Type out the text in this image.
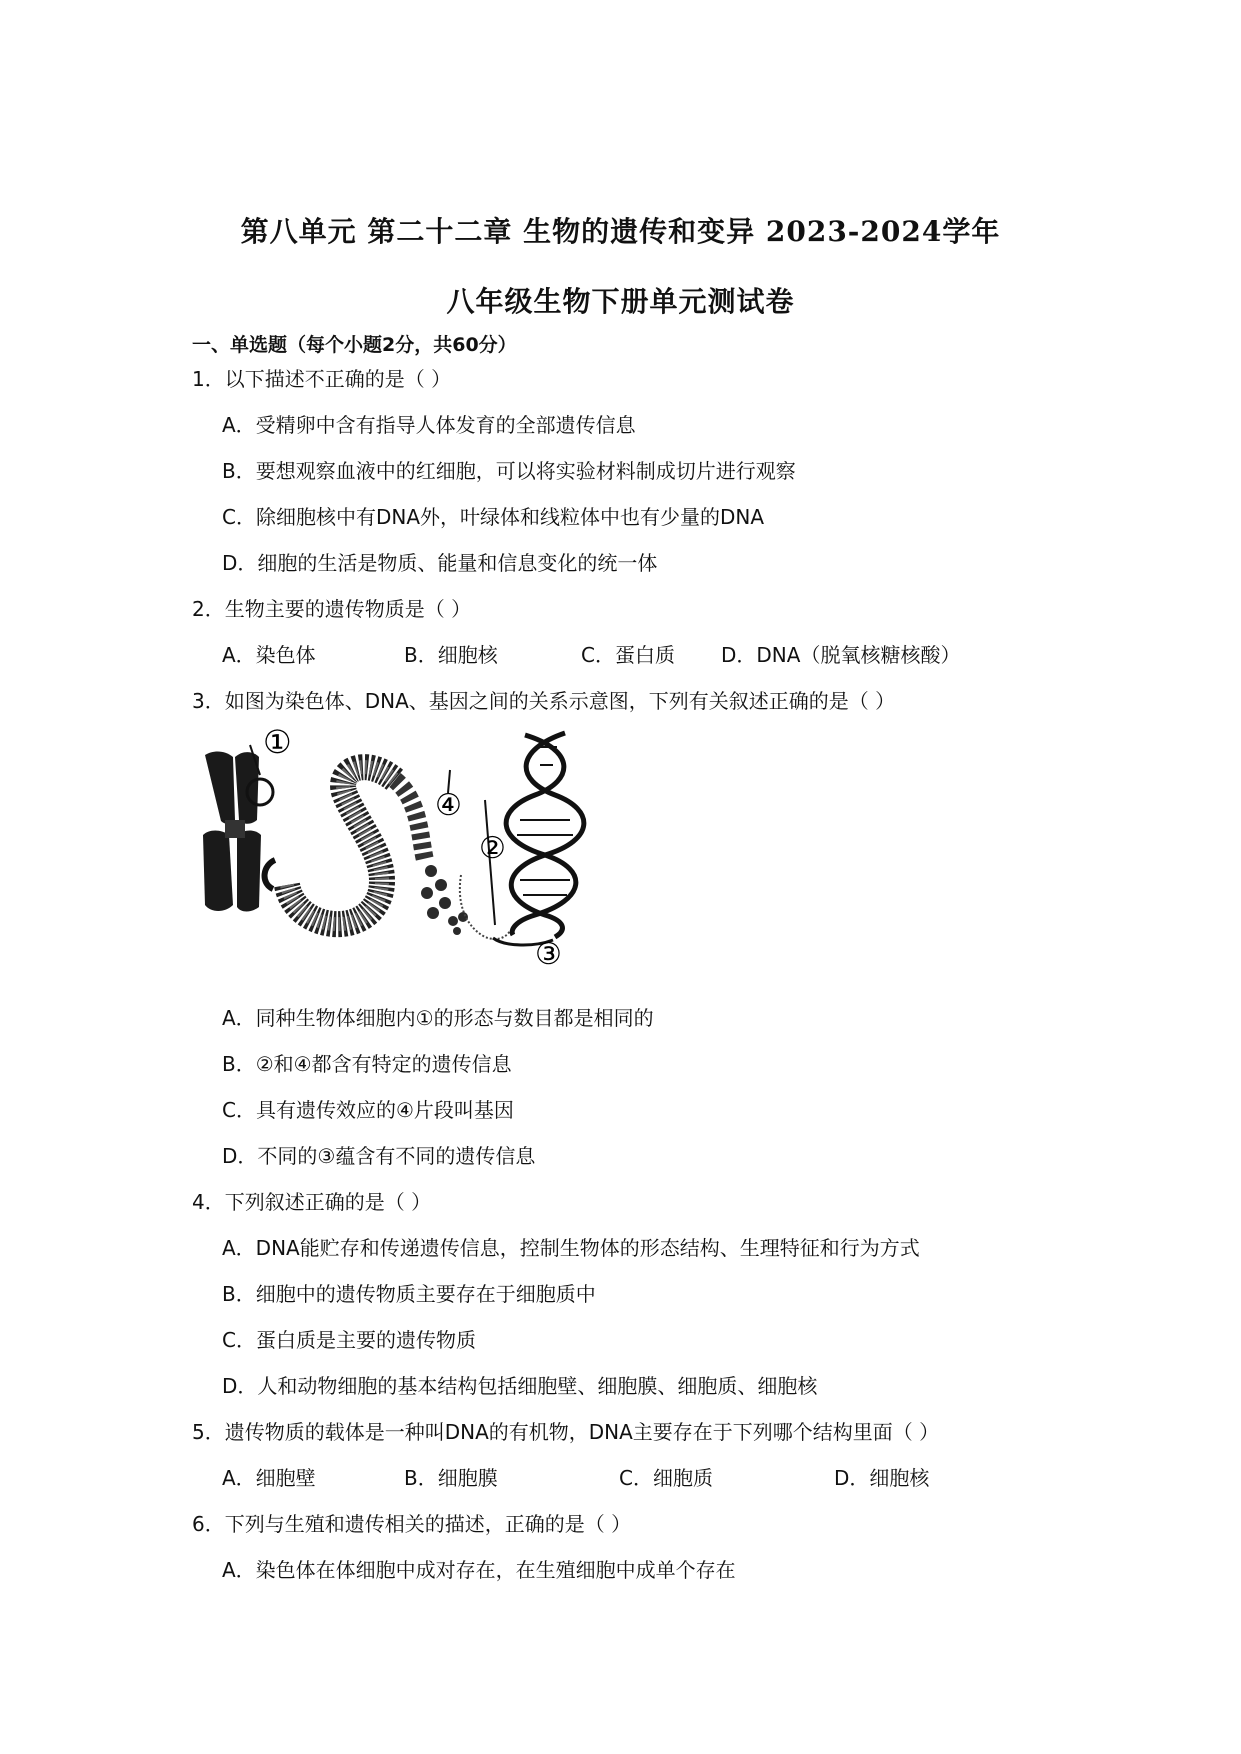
第八单元 第二十二章 生物的遗传和变异 2023-2024学年
八年级生物下册单元测试卷
一、单选题（每个小题2分，共60分）
1．以下描述不正确的是（ ）
A．受精卵中含有指导人体发育的全部遗传信息
B．要想观察血液中的红细胞，可以将实验材料制成切片进行观察
C．除细胞核中有DNA外，叶绿体和线粒体中也有少量的DNA
D．细胞的生活是物质、能量和信息变化的统一体
2．生物主要的遗传物质是（ ）
A．染色体	B．细胞核	C．蛋白质 D．DNA（脱氧核糖核酸）
3．如图为染色体、DNA、基因之间的关系示意图，下列有关叙述正确的是（ ）
①
④
②
③
A．同种生物体细胞内①的形态与数目都是相同的
B．②和④都含有特定的遗传信息
C．具有遗传效应的④片段叫基因
D．不同的③蕴含有不同的遗传信息
4．下列叙述正确的是（ ）
A．DNA能贮存和传递遗传信息，控制生物体的形态结构、生理特征和行为方式
B．细胞中的遗传物质主要存在于细胞质中
C．蛋白质是主要的遗传物质
D．人和动物细胞的基本结构包括细胞壁、细胞膜、细胞质、细胞核
5．遗传物质的载体是一种叫DNA的有机物，DNA主要存在于下列哪个结构里面（ ）
A．细胞壁	B．细胞膜	C．细胞质	D．细胞核
6．下列与生殖和遗传相关的描述，正确的是（ ）
A．染色体在体细胞中成对存在，在生殖细胞中成单个存在
